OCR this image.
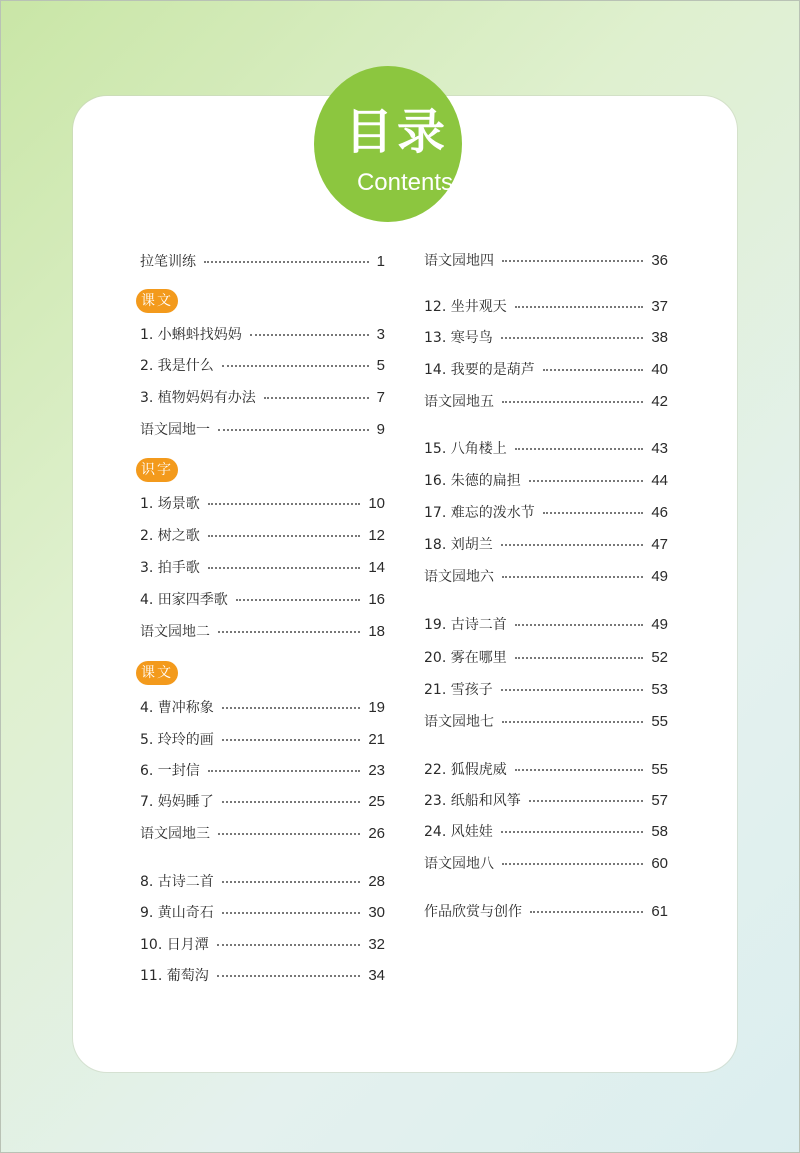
目录
Contents
课文
识字
课文
拉笔训练	1
1. 小蝌蚪找妈妈	3
2. 我是什么	5
3. 植物妈妈有办法	7
语文园地一	9
1. 场景歌	10
2. 树之歌	12
3. 拍手歌	14
4. 田家四季歌	16
语文园地二	18
4. 曹冲称象	19
5. 玲玲的画	21
6. 一封信	23
7. 妈妈睡了	25
语文园地三	26
8. 古诗二首	28
9. 黄山奇石	30
10. 日月潭	32
11. 葡萄沟	34
语文园地四	36
12. 坐井观天	37
13. 寒号鸟	38
14. 我要的是葫芦	40
语文园地五	42
15. 八角楼上	43
16. 朱德的扁担	44
17. 难忘的泼水节	46
18. 刘胡兰	47
语文园地六	49
19. 古诗二首	49
20. 雾在哪里	52
21. 雪孩子	53
语文园地七	55
22. 狐假虎威	55
23. 纸船和风筝	57
24. 风娃娃	58
语文园地八	60
作品欣赏与创作	61
